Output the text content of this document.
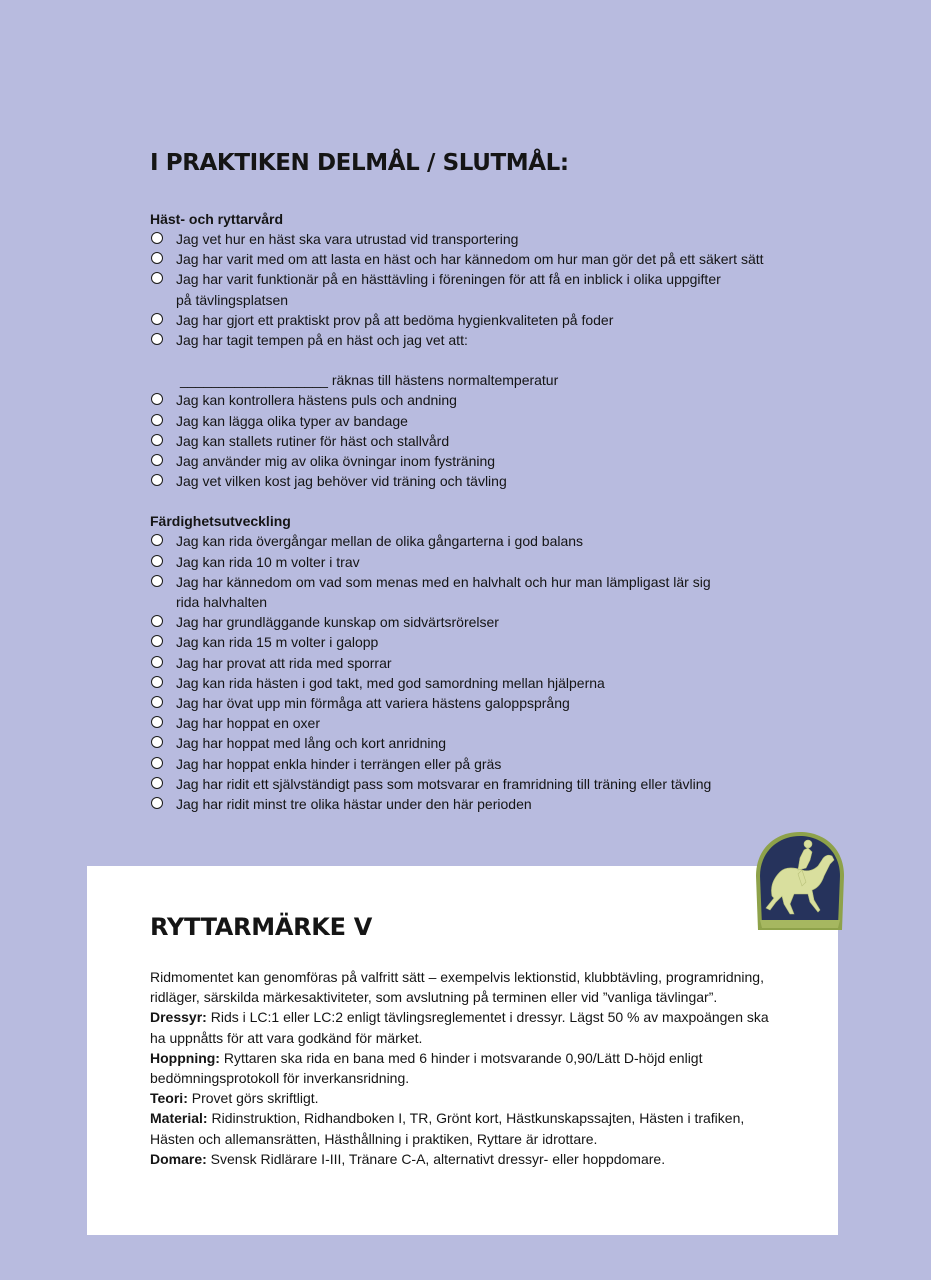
I PRAKTIKEN DELMÅL / SLUTMÅL:
Häst- och ryttarvård
Jag vet hur en häst ska vara utrustad vid transportering
Jag har varit med om att lasta en häst och har kännedom om hur man gör det på ett säkert sätt
Jag har varit funktionär på en hästtävling i föreningen för att få en inblick i olika uppgifter
på tävlingsplatsen
Jag har gjort ett praktiskt prov på att bedöma hygienkvaliteten på foder
Jag har tagit tempen på en häst och jag vet att:
___________________ räknas till hästens normaltemperatur
Jag kan kontrollera hästens puls och andning
Jag kan lägga olika typer av bandage
Jag kan stallets rutiner för häst och stallvård
Jag använder mig av olika övningar inom fysträning
Jag vet vilken kost jag behöver vid träning och tävling
Färdighetsutveckling
Jag kan rida övergångar mellan de olika gångarterna i god balans
Jag kan rida 10 m volter i trav
Jag har kännedom om vad som menas med en halvhalt och hur man lämpligast lär sig
rida halvhalten
Jag har grundläggande kunskap om sidvärtsrörelser
Jag kan rida 15 m volter i galopp
Jag har provat att rida med sporrar
Jag kan rida hästen i god takt, med god samordning mellan hjälperna
Jag har övat upp min förmåga att variera hästens galoppsprång
Jag har hoppat en oxer
Jag har hoppat med lång och kort anridning
Jag har hoppat enkla hinder i terrängen eller på gräs
Jag har ridit ett självständigt pass som motsvarar en framridning till träning eller tävling
Jag har ridit minst tre olika hästar under den här perioden
RYTTARMÄRKE V
Ridmomentet kan genomföras på valfritt sätt – exempelvis lektionstid, klubbtävling, programridning, ridläger, särskilda märkesaktiviteter, som avslutning på terminen eller vid ”vanliga tävlingar”.
Dressyr: Rids i LC:1 eller LC:2 enligt tävlingsreglementet i dressyr. Lägst 50 % av maxpoängen ska ha uppnåtts för att vara godkänd för märket.
Hoppning: Ryttaren ska rida en bana med 6 hinder i motsvarande 0,90/Lätt D-höjd enligt bedömningsprotokoll för inverkansridning.
Teori: Provet görs skriftligt.
Material: Ridinstruktion, Ridhandboken I, TR, Grönt kort, Hästkunskapssajten, Hästen i trafiken, Hästen och allemansrätten, Hästhållning i praktiken, Ryttare är idrottare.
Domare: Svensk Ridlärare I-III, Tränare C-A, alternativt dressyr- eller hoppdomare.
